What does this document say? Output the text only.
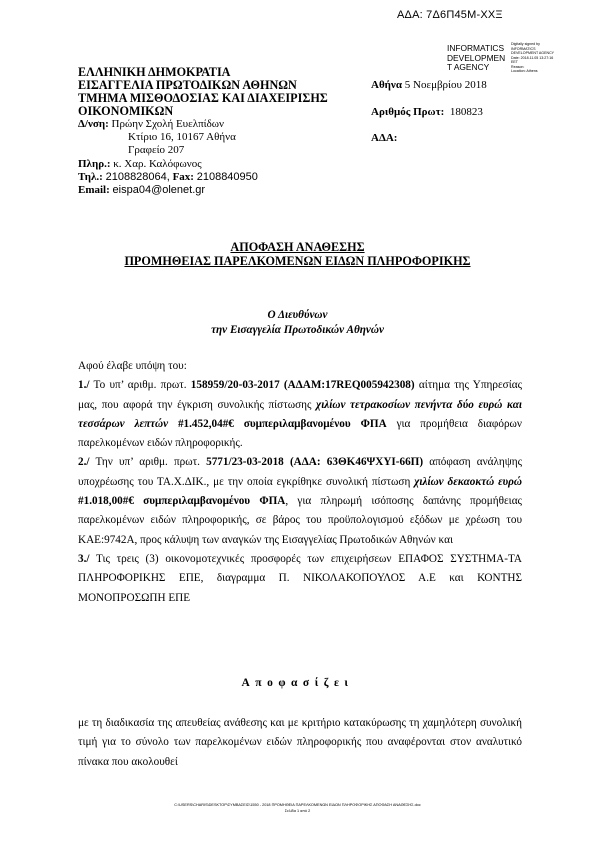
ΑΔΑ: 7Δ6Π45Μ-ΧΧΞ
INFORMATICS
DEVELOPMEN
T AGENCY
Digitally signed by
INFORMATICS
DEVELOPMENT AGENCY
Date: 2018.11.05 13:27:16
EET
Reason:
Location: Athens
ΕΛΛΗΝΙΚΗ ΔΗΜΟΚΡΑΤΙΑ
ΕΙΣΑΓΓΕΛΙΑ ΠΡΩΤΟΔΙΚΩΝ ΑΘΗΝΩΝ
ΤΜΗΜΑ ΜΙΣΘΟΔΟΣΙΑΣ ΚΑΙ ΔΙΑΧΕΙΡΙΣΗΣ
ΟΙΚΟΝΟΜΙΚΩΝ
Δ/νση: Πρώην Σχολή Ευελπίδων
Κτίριο 16, 10167 Αθήνα
Γραφείο 207
Πληρ.: κ. Χαρ. Καλόφωνος
Τηλ.: 2108828064, Fax: 2108840950
Email: eispa04@olenet.gr
Αθήνα 5 Νοεμβρίου 2018
Αριθμός Πρωτ: 180823
ΑΔΑ:
ΑΠΟΦΑΣΗ ΑΝΑΘΕΣΗΣ
ΠΡΟΜΗΘΕΙΑΣ ΠΑΡΕΛΚΟΜΕΝΩΝ ΕΙΔΩΝ ΠΛΗΡΟΦΟΡΙΚΗΣ
Ο Διευθύνων
την Εισαγγελία Πρωτοδικών Αθηνών

Αφού έλαβε υπόψη του:

1./ Το υπ’ αριθμ. πρωτ. 158959/20-03-2017 (ΑΔΑΜ:17REQ005942308) αίτημα της Υπηρεσίας μας, που αφορά την έγκριση συνολικής πίστωσης χιλίων τετρακοσίων πενήντα δύο ευρώ και τεσσάρων λεπτών #1.452,04#€ συμπεριλαμβανομένου ΦΠΑ για προμήθεια διαφόρων παρελκομένων ειδών πληροφορικής.

2./ Την υπ’ αριθμ. πρωτ. 5771/23-03-2018 (ΑΔΑ: 63ΘΚ46ΨΧΥΙ-66Π) απόφαση ανάληψης υποχρέωσης του ΤΑ.Χ.ΔΙΚ., με την οποία εγκρίθηκε συνολική πίστωση χιλίων δεκαοκτώ ευρώ #1.018,00#€ συμπεριλαμβανομένου ΦΠΑ, για πληρωμή ισόποσης δαπάνης προμήθειας παρελκομένων ειδών πληροφορικής, σε βάρος του προϋπολογισμού εξόδων με χρέωση του ΚΑΕ:9742Α, προς κάλυψη των αναγκών της Εισαγγελίας Πρωτοδικών Αθηνών και

3./ Τις τρεις (3) οικονομοτεχνικές προσφορές των επιχειρήσεων ΕΠΑΦΟΣ ΣΥΣΤΗΜΑ-ΤΑ ΠΛΗΡΟΦΟΡΙΚΗΣ ΕΠΕ, διαγραμμα Π. ΝΙΚΟΛΑΚΟΠΟΥΛΟΣ Α.Ε και ΚΟΝΤΗΣ ΜΟΝΟΠΡΟΣΩΠΗ ΕΠΕ

Αποφασίζει

με τη διαδικασία της απευθείας ανάθεσης και με κριτήριο κατακύρωσης τη χαμηλότερη συνολική τιμή για το σύνολο των παρελκομένων ειδών πληροφορικής που αναφέρονται στον αναλυτικό πίνακα που ακολουθεί

C:\USERS\CHARIS\DESKTOP\ΣΥΜΒΑΣΕΙΣ\1550 - 2018 ΠΡΟΜΗΘΕΙΑ ΠΑΡΕΛΚΟΜΕΝΩΝ ΕΙΔΩΝ ΠΛΗΡΟΦΟΡΙΚΗΣ ΑΠΟΦΑΣΗ ΑΝΑΘΕΣΗΣ.doc
Σελίδα 1 από 2
